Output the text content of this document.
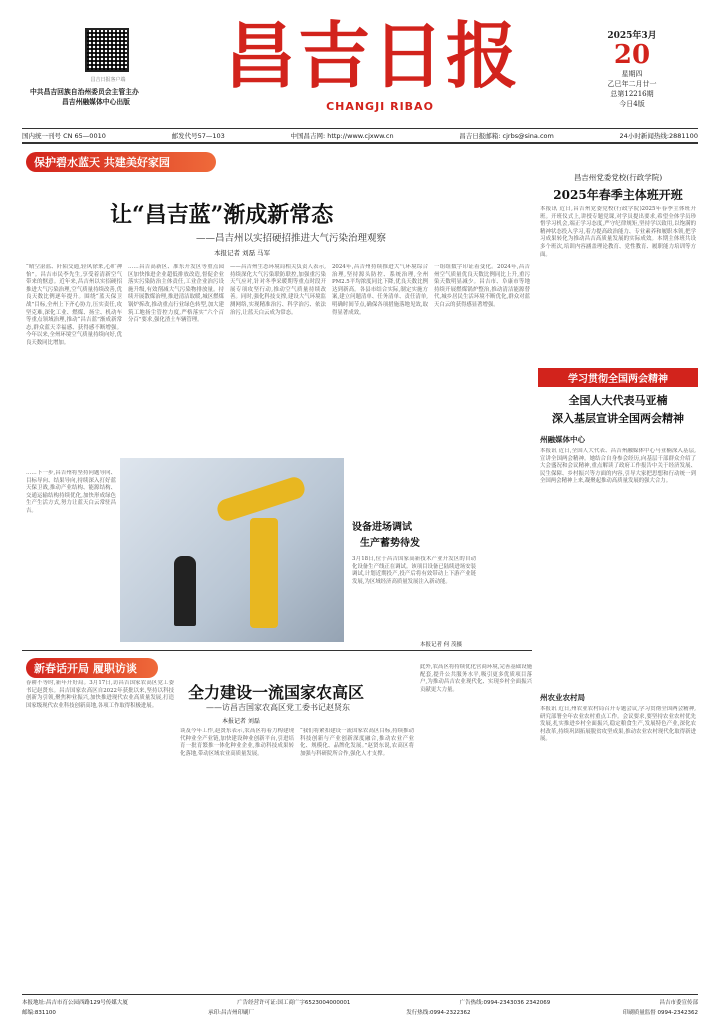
昌吉日报客户端
中共昌吉回族自治州委员会主管主办
昌吉州融媒体中心出版
昌吉日报
CHANGJI RIBAO
2025年3月
20
星期四
乙巳年二月廿一
总第12216期
今日4版
国内统一刊号 CN 65—0010	邮发代号57—103	中国昌吉网: http://www.cjxww.cn	昌吉日报邮箱: cjrbs@sina.com	24小时新闻热线:2881100
保护碧水蓝天 共建美好家园
让“昌吉蓝”渐成新常态
——昌吉州以实招硬招推进大气污染治理观察
本报记者 刘磊 马军
“晴空湛蓝、阡陌交通,轻风徐来,心旷神怡”。昌吉市民李先生,享受着清新空气带来的惬意。近年来,昌吉州以实招硬招推进大气污染治理,空气质量持续改善,优良天数比例逐年提升。围绕“蓝天保卫战”目标,全州上下齐心协力,压实责任,攻坚克难,深化工业、燃煤、扬尘、机动车等重点领域治理,推动“昌吉蓝”渐成新常态,群众蓝天幸福感、获得感不断增强。今年以来,全州环境空气质量持续向好,优良天数同比增加。
……昌吉高新区、准东开发区等重点园区加快推进企业超低排放改造,督促企业落实污染防治主体责任,工业企业治污设施升级,有效削减大气污染物排放量。持续开展散煤治理,推进清洁取暖,城区燃煤锅炉拆改,推动重点行业绿色转型,加大建筑工地扬尘管控力度,严格落实“六个百分百”要求,强化渣土车辆管理。
——昌吉州生态环境局相关负责人表示,持续深化大气污染联防联控,加强重污染天气应对,针对冬季采暖期等重点时段开展专项攻坚行动,推动空气质量持续改善。同时,强化科技支撑,建设大气环境监测网络,实现精准治污、科学治污、依法治污,让蓝天白云成为常态。
2024年,昌吉州持续推进大气环境综合治理,坚持源头防控、系统治理,全州PM2.5平均浓度同比下降,优良天数比例达到新高。各县市结合实际,制定实施方案,建立问题清单、任务清单、责任清单,明确时间节点,确保各项措施落地见效,取得显著成效。
一组组数字印证着变化。2024年,昌吉州空气质量优良天数比例同比上升,重污染天数明显减少。昌吉市、阜康市等地持续开展燃煤锅炉整治,推动清洁能源替代,城乡居民生活环境不断优化,群众对蓝天白云的获得感显著增强。
昌吉州党委党校(行政学院)
2025年春季主体班开班
本报讯 近日,昌吉州党委党校(行政学院)2025年春季主体班开班。开班仪式上,讲授专题党课,对学员提出要求,希望全体学员珍惜学习机会,端正学习态度,严守纪律规矩,坚持学以致用,以饱满的精神状态投入学习,着力提高政治能力、专业素养和履职本领,把学习成果转化为推动昌吉高质量发展的实际成效。本期主体班共设多个班次,培训内容涵盖理论教育、党性教育、履职能力培训等方面。
设备进场调试
生产蓄势待发
3月18日,位于昌吉国家高新技术产业开发区的自动化设备生产线正在调试。该项目设备已陆续进场安装调试,计划近期投产,投产后将有效带动上下游产业链发展,为区域经济高质量发展注入新动能。
本报记者 何 茂摄
……下一步,昌吉州将坚持问题导向、目标导向、结果导向,持续深入打好蓝天保卫战,推动产业结构、能源结构、交通运输结构持续优化,加快形成绿色生产生活方式,努力让蓝天白云常驻昌吉。
学习贯彻全国两会精神
全国人大代表马亚楠
深入基层宣讲全国两会精神
州融媒体中心
本报讯 近日,全国人大代表、昌吉州融媒体中心马亚楠深入基层,宣讲全国两会精神。她结合自身参会经历,向基层干部群众介绍了大会盛况和会议精神,重点解读了政府工作报告中关于经济发展、民生保障、乡村振兴等方面的内容,引导大家把思想和行动统一到全国两会精神上来,凝聚起推动高质量发展的强大合力。
州农业农村局
本报讯 近日,州农业农村局召开专题会议,学习贯彻全国两会精神,研究部署全年农业农村重点工作。会议要求,要坚持农业农村优先发展,扎实推进乡村全面振兴,稳定粮食生产,发展特色产业,深化农村改革,持续巩固拓展脱贫攻坚成果,推动农业农村现代化取得新进展。
新春话开局 履职访谈
全力建设一流国家农高区
——访昌吉国家农高区党工委书记赵贤东
本报记者 刘磊
春耕不等时,新年开好局。3月17日,访昌吉国家农高区党工委书记赵贤东。昌吉国家农高区自2022年获批以来,坚持以科技创新为引领,聚焦种业振兴,加快推进现代农业高质量发展,打造国家级现代农业科技创新高地,各项工作取得积极进展。
谈及今年工作,赵贤东表示,农高区将着力构建现代种业全产业链,加快建设种业创新平台,引进培育一批育繁推一体化种业企业,推动科技成果转化落地,带动区域农业高质量发展。
“我们将紧扣建设一流国家农高区目标,持续推动科技创新与产业创新深度融合,推动农业产业化、规模化、品牌化发展。”赵贤东说,农高区将加强与科研院所合作,强化人才支撑。
此外,农高区将持续优化营商环境,完善基础设施配套,提升公共服务水平,吸引更多优质项目落户,为推动昌吉农业现代化、实现乡村全面振兴贡献更大力量。
本报地址:昌吉市育公园西路129号传媒大厦	广告经营许可证:国工商广字6523004000001	广告热线:0994-2343036 2342069	昌吉市委宣传部
邮编:831100	承印:昌吉州印刷厂	发行热线:0994-2322362	印刷质量监督 0994-2342362
